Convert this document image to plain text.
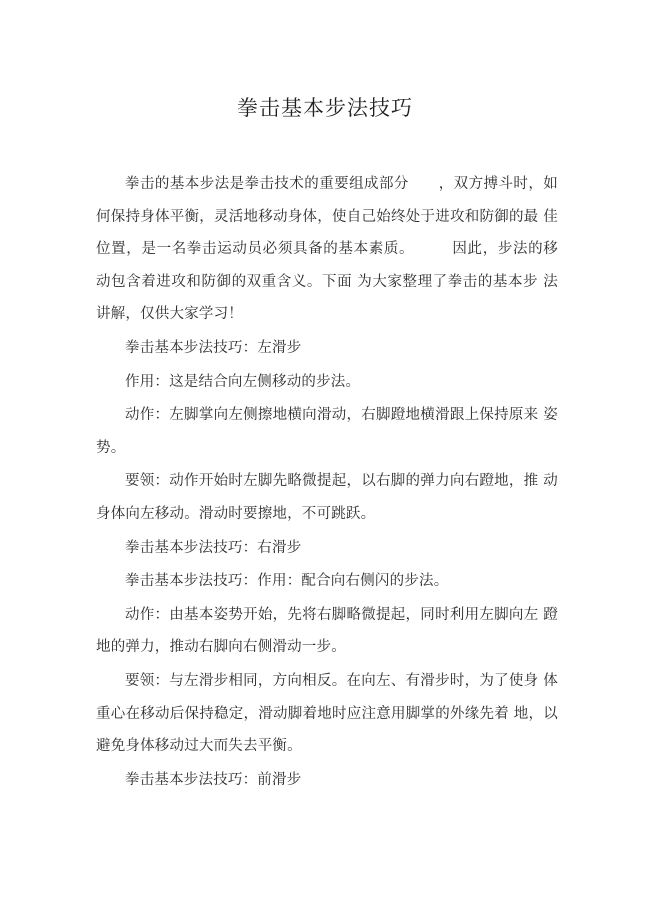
拳击基本步法技巧

拳击的基本步法是拳击技术的重要组成部分　　，双方搏斗时，如何保持身体平衡，灵活地移动身体，使自己始终处于进攻和防御的最 佳位置，是一名拳击运动员必须具备的基本素质。　　　因此，步法的移动包含着进攻和防御的双重含义。下面 为大家整理了拳击的基本步 法讲解，仅供大家学习！

拳击基本步法技巧：左滑步

作用：这是结合向左侧移动的步法。

动作：左脚掌向左侧擦地横向滑动，右脚蹬地横滑跟上保持原来 姿势。

要领：动作开始时左脚先略微提起，以右脚的弹力向右蹬地，推 动身体向左移动。滑动时要擦地，不可跳跃。

拳击基本步法技巧：右滑步

拳击基本步法技巧：作用：配合向右侧闪的步法。

动作：由基本姿势开始，先将右脚略微提起，同时利用左脚向左 蹬地的弹力，推动右脚向右侧滑动一步。

要领：与左滑步相同，方向相反。在向左、有滑步时，为了使身 体重心在移动后保持稳定，滑动脚着地时应注意用脚掌的外缘先着 地，以避免身体移动过大而失去平衡。

拳击基本步法技巧：前滑步
